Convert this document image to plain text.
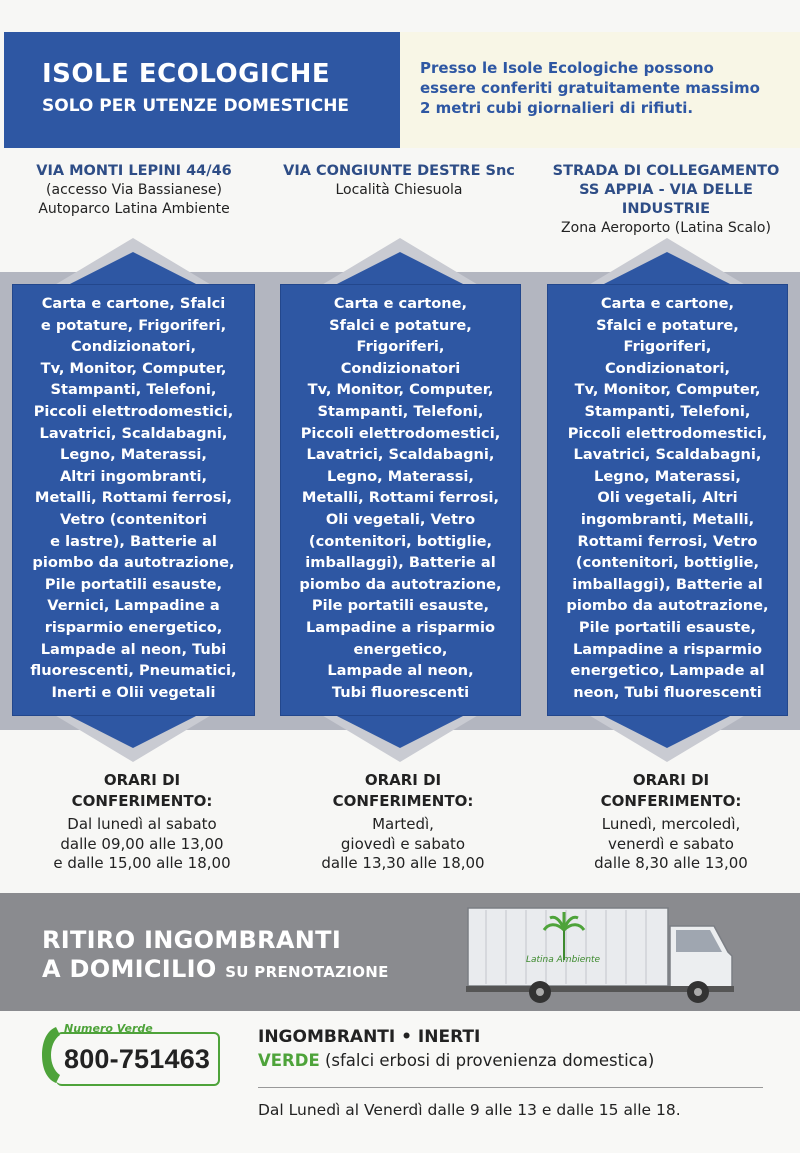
ISOLE ECOLOGICHE
SOLO PER UTENZE DOMESTICHE
Presso le Isole Ecologiche possono
essere conferiti gratuitamente massimo
2 metri cubi giornalieri di rifiuti.
VIA MONTI LEPINI 44/46
(accesso Via Bassianese)
Autoparco Latina Ambiente
VIA CONGIUNTE DESTRE Snc
Località Chiesuola
STRADA DI COLLEGAMENTO
SS APPIA - VIA DELLE INDUSTRIE
Zona Aeroporto (Latina Scalo)
Carta e cartone, Sfalci
e potature, Frigoriferi,
Condizionatori,
Tv, Monitor, Computer,
Stampanti, Telefoni,
Piccoli elettrodomestici,
Lavatrici, Scaldabagni,
Legno, Materassi,
Altri ingombranti,
Metalli, Rottami ferrosi,
Vetro (contenitori
e lastre), Batterie al
piombo da autotrazione,
Pile portatili esauste,
Vernici, Lampadine a
risparmio energetico,
Lampade al neon, Tubi
fluorescenti, Pneumatici,
Inerti e Olii vegetali
Carta e cartone,
Sfalci e potature,
Frigoriferi,
Condizionatori
Tv, Monitor, Computer,
Stampanti, Telefoni,
Piccoli elettrodomestici,
Lavatrici, Scaldabagni,
Legno, Materassi,
Metalli, Rottami ferrosi,
Oli vegetali, Vetro
(contenitori, bottiglie,
imballaggi), Batterie al
piombo da autotrazione,
Pile portatili esauste,
Lampadine a risparmio
energetico,
Lampade al neon,
Tubi fluorescenti
Carta e cartone,
Sfalci e potature,
Frigoriferi,
Condizionatori,
Tv, Monitor, Computer,
Stampanti, Telefoni,
Piccoli elettrodomestici,
Lavatrici, Scaldabagni,
Legno, Materassi,
Oli vegetali, Altri
ingombranti, Metalli,
Rottami ferrosi, Vetro
(contenitori, bottiglie,
imballaggi), Batterie al
piombo da autotrazione,
Pile portatili esauste,
Lampadine a risparmio
energetico, Lampade al
neon, Tubi fluorescenti
ORARI DI
CONFERIMENTO:
Dal lunedì al sabato
dalle 09,00 alle 13,00
e dalle 15,00 alle 18,00
ORARI DI
CONFERIMENTO:
Martedì,
giovedì e sabato
dalle 13,30 alle 18,00
ORARI DI
CONFERIMENTO:
Lunedì, mercoledì,
venerdì e sabato
dalle 8,30 alle 13,00
RITIRO INGOMBRANTI
A DOMICILIO SU PRENOTAZIONE
Latina Ambiente
Numero Verde
800-751463
INGOMBRANTI • INERTI
VERDE (sfalci erbosi di provenienza domestica)
Dal Lunedì al Venerdì dalle 9 alle 13 e dalle 15 alle 18.
